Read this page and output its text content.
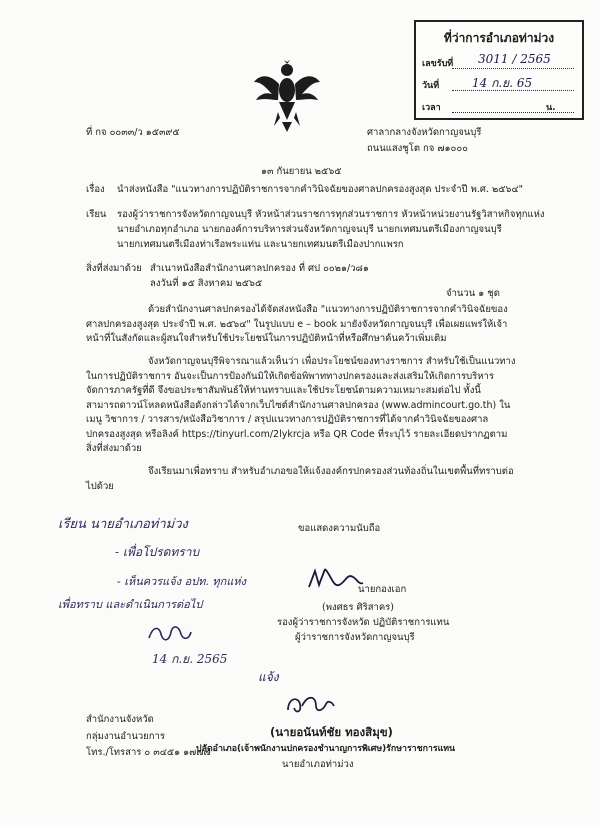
ที่ว่าการอำเภอท่าม่วง
เลขรับที่ 3011 / 2565
วันที่	14 ก.ย. 65
เวลา	น.
ที่ กจ ๐๐๓๓/ว ๑๕๓๙๕	ศาลากลางจังหวัดกาญจนบุรี
ถนนแสงชูโต กจ ๗๑๐๐๐
๑๓ กันยายน ๒๕๖๕
เรื่อง นำส่งหนังสือ "แนวทางการปฏิบัติราชการจากคำวินิจฉัยของศาลปกครองสูงสุด ประจำปี พ.ศ. ๒๕๖๔"
เรียน รองผู้ว่าราชการจังหวัดกาญจนบุรี หัวหน้าส่วนราชการทุกส่วนราชการ หัวหน้าหน่วยงานรัฐวิสาหกิจทุกแห่ง
นายอำเภอทุกอำเภอ นายกองค์การบริหารส่วนจังหวัดกาญจนบุรี นายกเทศมนตรีเมืองกาญจนบุรี
นายกเทศมนตรีเมืองท่าเรือพระแท่น และนายกเทศมนตรีเมืองปากแพรก
สิ่งที่ส่งมาด้วย สำเนาหนังสือสำนักงานศาลปกครอง ที่ ศป ๐๐๒๑/ว๘๑
ลงวันที่ ๑๕ สิงหาคม ๒๕๖๕
จำนวน ๑ ชุด
ด้วยสำนักงานศาลปกครองได้จัดส่งหนังสือ "แนวทางการปฏิบัติราชการจากคำวินิจฉัยของศาลปกครองสูงสุด ประจำปี พ.ศ. ๒๕๖๔" ในรูปแบบ e – book มายังจังหวัดกาญจนบุรี เพื่อเผยแพร่ให้เจ้าหน้าที่ในสังกัดและผู้สนใจสำหรับใช้ประโยชน์ในการปฏิบัติหน้าที่หรือศึกษาค้นคว้าเพิ่มเติม
จังหวัดกาญจนบุรีพิจารณาแล้วเห็นว่า เพื่อประโยชน์ของทางราชการ สำหรับใช้เป็นแนวทางในการปฏิบัติราชการ อันจะเป็นการป้องกันมิให้เกิดข้อพิพาททางปกครองและส่งเสริมให้เกิดการบริหารจัดการภาครัฐที่ดี จึงขอประชาสัมพันธ์ให้ท่านทราบและใช้ประโยชน์ตามความเหมาะสมต่อไป ทั้งนี้ สามารถดาวน์โหลดหนังสือดังกล่าวได้จากเว็บไซต์สำนักงานศาลปกครอง (www.admincourt.go.th) ในเมนู วิชาการ / วารสาร/หนังสือวิชาการ / สรุปแนวทางการปฏิบัติราชการที่ได้จากคำวินิจฉัยของศาลปกครองสูงสุด หรือลิงค์ https://tinyurl.com/2lykrcja หรือ QR Code ที่ระบุไว้ รายละเอียดปรากฏตามสิ่งที่ส่งมาด้วย
จึงเรียนมาเพื่อทราบ สำหรับอำเภอขอให้แจ้งองค์กรปกครองส่วนท้องถิ่นในเขตพื้นที่ทราบต่อไปด้วย
ขอแสดงความนับถือ
เรียน นายอำเภอท่าม่วง
- เพื่อโปรดทราบ
- เห็นควรแจ้ง อปท. ทุกแห่ง
เพื่อทราบ และดำเนินการต่อไป
14 ก.ย. 2565
นายกองเอก
(พงศธร ศิริสาคร)
รองผู้ว่าราชการจังหวัด ปฏิบัติราชการแทน
ผู้ว่าราชการจังหวัดกาญจนบุรี
แจ้ง
สำนักงานจังหวัด
กลุ่มงานอำนวยการ
โทร./โทรสาร ๐ ๓๔๕๑ ๑๗๗๗
(นายอนันท์ชัย ทองสิมุข)
ปลัดอำเภอ(เจ้าพนักงานปกครองชำนาญการพิเศษ)รักษาราชการแทน
นายอำเภอท่าม่วง
